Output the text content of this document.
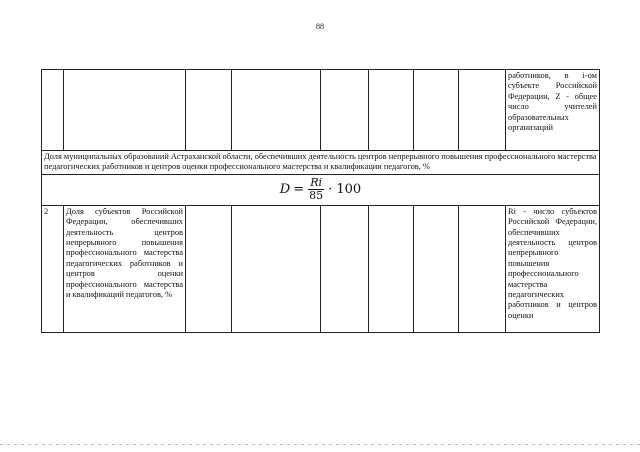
88

								работников, в i-ом субъекте Российской Федерации, Z - общее число учителей образовательных организаций

Доля муниципальных образований Астраханской области, обеспечивших деятельность центров непрерывного повышения профессионального мастерства педагогических работников и центров оценки профессионального мастерства и квалификации педагогов, %								

$D = \frac{Ri}{85} \cdot 100$								

2	Доля субъектов Российской Федерации, обеспечивших деятельность центров непрерывного повышения профессионального мастерства педагогических работников и центров оценки профессионального мастерства и квалификаций педагогов, %							Ri - число субъектов Российской Федерации, обеспечивших деятельность центров непрерывного повышения профессионального мастерства педагогических работников и центров оценки
